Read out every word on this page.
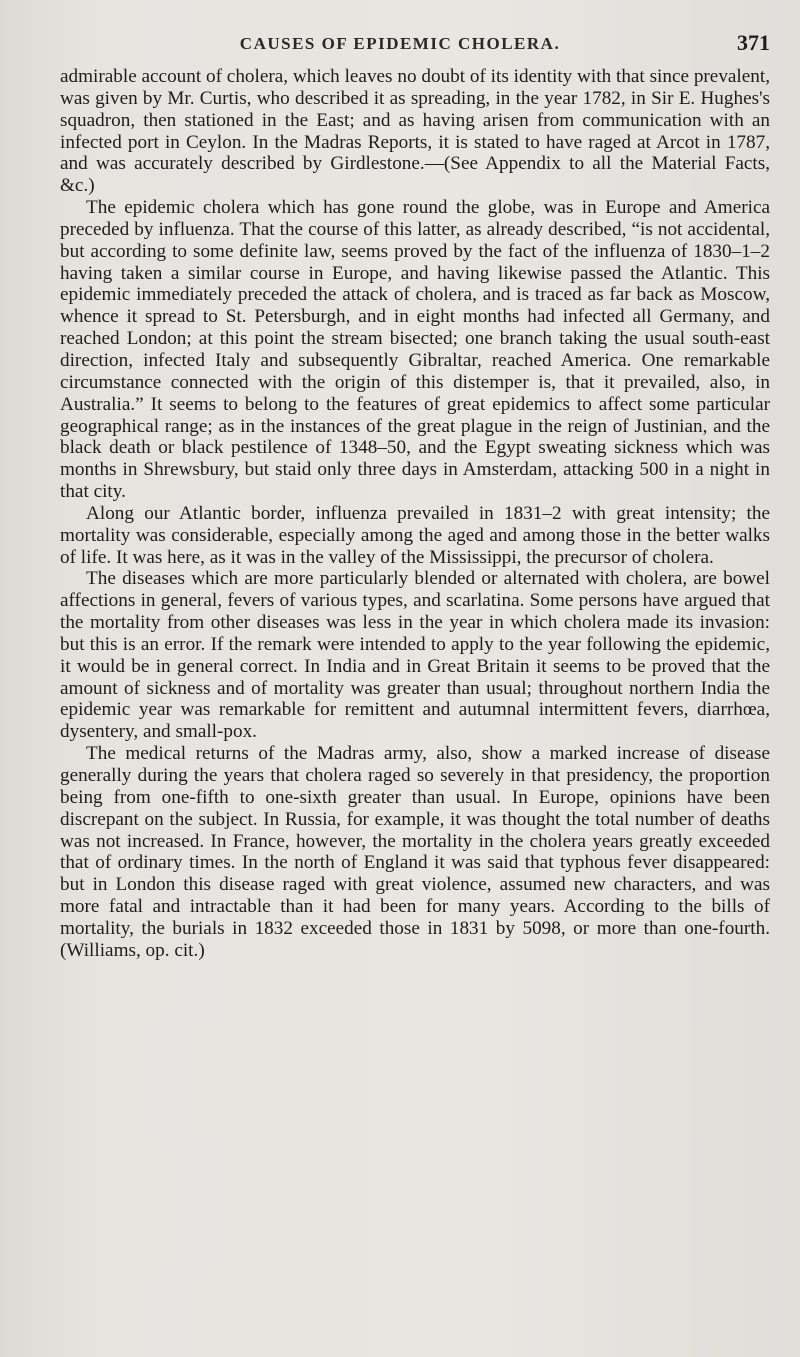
CAUSES OF EPIDEMIC CHOLERA.	371

admirable account of cholera, which leaves no doubt of its identity with that since prevalent, was given by Mr. Curtis, who described it as spreading, in the year 1782, in Sir E. Hughes's squadron, then stationed in the East; and as having arisen from communication with an infected port in Ceylon. In the Madras Reports, it is stated to have raged at Arcot in 1787, and was accurately described by Girdlestone.—(See Appendix to all the Material Facts, &c.)

The epidemic cholera which has gone round the globe, was in Europe and America preceded by influenza. That the course of this latter, as already described, “is not accidental, but according to some definite law, seems proved by the fact of the influenza of 1830–1–2 having taken a similar course in Europe, and having likewise passed the Atlantic. This epidemic immediately preceded the attack of cholera, and is traced as far back as Moscow, whence it spread to St. Petersburgh, and in eight months had infected all Germany, and reached London; at this point the stream bisected; one branch taking the usual south-east direction, infected Italy and subsequently Gibraltar, reached America. One remarkable circumstance connected with the origin of this distemper is, that it prevailed, also, in Australia.” It seems to belong to the features of great epidemics to affect some particular geographical range; as in the instances of the great plague in the reign of Justinian, and the black death or black pestilence of 1348–50, and the Egypt sweating sickness which was months in Shrewsbury, but staid only three days in Amsterdam, attacking 500 in a night in that city.

Along our Atlantic border, influenza prevailed in 1831–2 with great intensity; the mortality was considerable, especially among the aged and among those in the better walks of life. It was here, as it was in the valley of the Mississippi, the precursor of cholera.

The diseases which are more particularly blended or alternated with cholera, are bowel affections in general, fevers of various types, and scarlatina. Some persons have argued that the mortality from other diseases was less in the year in which cholera made its invasion: but this is an error. If the remark were intended to apply to the year following the epidemic, it would be in general correct. In India and in Great Britain it seems to be proved that the amount of sickness and of mortality was greater than usual; throughout northern India the epidemic year was remarkable for remittent and autumnal intermittent fevers, diarrhœa, dysentery, and small-pox.

The medical returns of the Madras army, also, show a marked increase of disease generally during the years that cholera raged so severely in that presidency, the proportion being from one-fifth to one-sixth greater than usual. In Europe, opinions have been discrepant on the subject. In Russia, for example, it was thought the total number of deaths was not increased. In France, however, the mortality in the cholera years greatly exceeded that of ordinary times. In the north of England it was said that typhous fever disappeared: but in London this disease raged with great violence, assumed new characters, and was more fatal and intractable than it had been for many years. According to the bills of mortality, the burials in 1832 exceeded those in 1831 by 5098, or more than one-fourth. (Williams, op. cit.)
